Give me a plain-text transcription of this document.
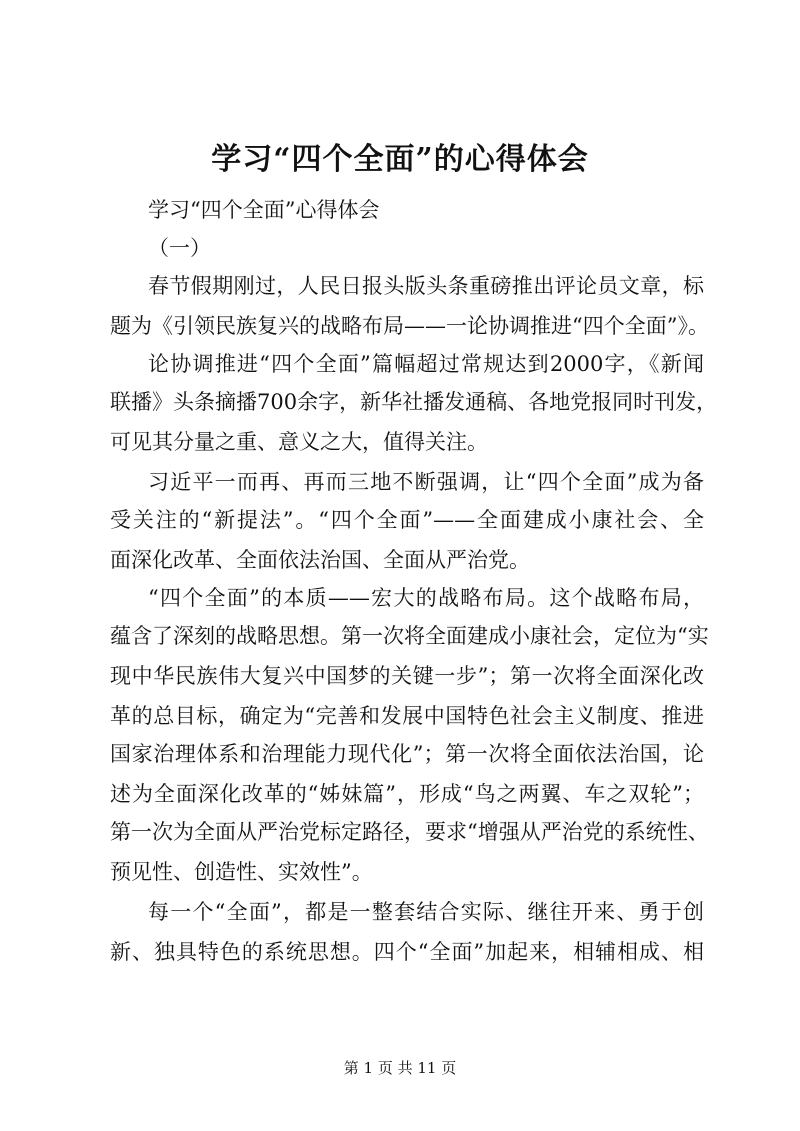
学习“四个全面”的心得体会
学习“四个全面”心得体会
（一）
春节假期刚过，人民日报头版头条重磅推出评论员文章，标
题为《引领民族复兴的战略布局——一论协调推进“四个全面”》。
论协调推进“四个全面”篇幅超过常规达到2000字，《新闻
联播》头条摘播700余字，新华社播发通稿、各地党报同时刊发，
可见其分量之重、意义之大，值得关注。
习近平一而再、再而三地不断强调，让“四个全面”成为备
受关注的“新提法”。“四个全面”——全面建成小康社会、全
面深化改革、全面依法治国、全面从严治党。
“四个全面”的本质——宏大的战略布局。这个战略布局，
蕴含了深刻的战略思想。第一次将全面建成小康社会，定位为“实
现中华民族伟大复兴中国梦的关键一步”；第一次将全面深化改
革的总目标，确定为“完善和发展中国特色社会主义制度、推进
国家治理体系和治理能力现代化”；第一次将全面依法治国，论
述为全面深化改革的“姊妹篇”，形成“鸟之两翼、车之双轮”；
第一次为全面从严治党标定路径，要求“增强从严治党的系统性、
预见性、创造性、实效性”。
每一个“全面”，都是一整套结合实际、继往开来、勇于创
新、独具特色的系统思想。四个“全面”加起来，相辅相成、相
第 1 页 共 11 页
